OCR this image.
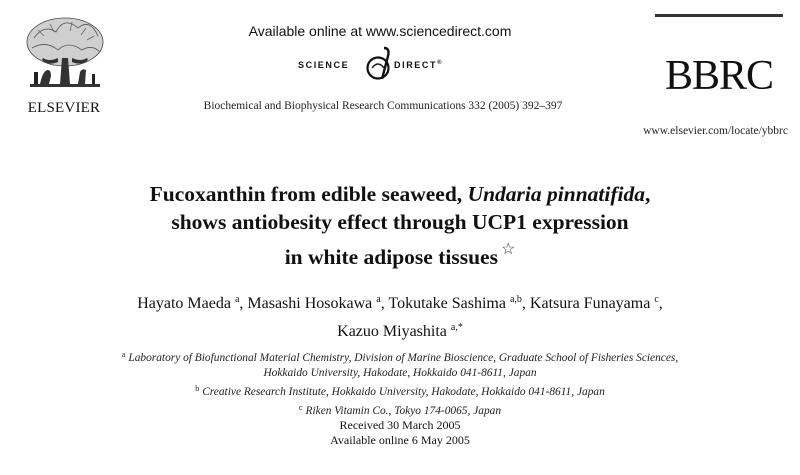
ELSEVIER
Available online at www.sciencedirect.com
SCIENCE	DIRECT®
Biochemical and Biophysical Research Communications 332 (2005) 392–397
BBRC
www.elsevier.com/locate/ybbrc
Fucoxanthin from edible seaweed, Undaria pinnatifida,
shows antiobesity effect through UCP1 expression
in white adipose tissues ☆
Hayato Maeda $^a$, Masashi Hosokawa $^a$, Tokutake Sashima $^{a,b}$, Katsura Funayama $^c$,
Kazuo Miyashita $^{a,*}$
$^a$ Laboratory of Biofunctional Material Chemistry, Division of Marine Bioscience, Graduate School of Fisheries Sciences,
Hokkaido University, Hakodate, Hokkaido 041-8611, Japan
$^b$ Creative Research Institute, Hokkaido University, Hakodate, Hokkaido 041-8611, Japan
$^c$ Riken Vitamin Co., Tokyo 174-0065, Japan
Received 30 March 2005
Available online 6 May 2005
